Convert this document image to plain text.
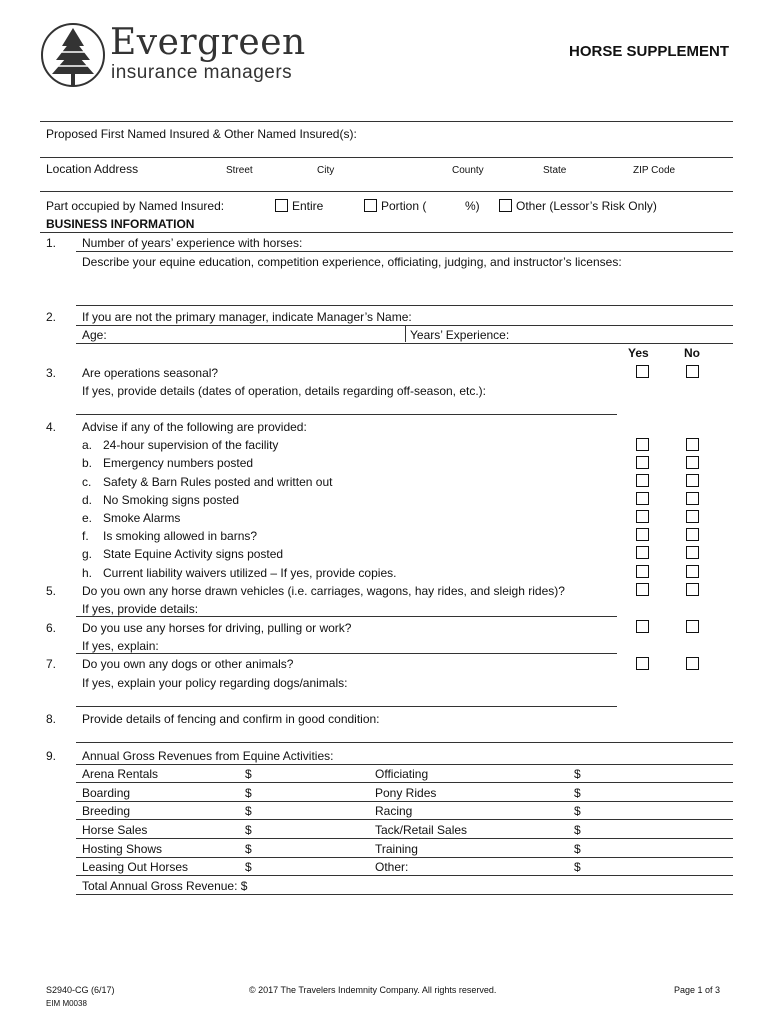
Evergreen
insurance managers
HORSE SUPPLEMENT
Proposed First Named Insured & Other Named Insured(s):
Location Address	Street	City	County	State	ZIP Code
Part occupied by Named Insured:	Entire	Portion (	%)	Other (Lessor’s Risk Only)
BUSINESS INFORMATION
1. Number of years’ experience with horses:
Describe your equine education, competition experience, officiating, judging, and instructor’s licenses:
2. If you are not the primary manager, indicate Manager’s Name:
Age:	Years’ Experience:
Yes	No
3. Are operations seasonal?
If yes, provide details (dates of operation, details regarding off-season, etc.):
4. Advise if any of the following are provided:
a. 24-hour supervision of the facility
b. Emergency numbers posted
c. Safety & Barn Rules posted and written out
d. No Smoking signs posted
e. Smoke Alarms
f. Is smoking allowed in barns?
g. State Equine Activity signs posted
h. Current liability waivers utilized – If yes, provide copies.
5. Do you own any horse drawn vehicles (i.e. carriages, wagons, hay rides, and sleigh rides)?
If yes, provide details:
6. Do you use any horses for driving, pulling or work?
If yes, explain:
7. Do you own any dogs or other animals?
If yes, explain your policy regarding dogs/animals:
8. Provide details of fencing and confirm in good condition:
9. Annual Gross Revenues from Equine Activities:
Arena Rentals	$	Officiating	$
Boarding	$	Pony Rides	$
Breeding	$	Racing	$
Horse Sales	$	Tack/Retail Sales	$
Hosting Shows	$	Training	$
Leasing Out Horses	$	Other:	$
Total Annual Gross Revenue: $
S2940-CG (6/17)
EIM M0038
© 2017 The Travelers Indemnity Company. All rights reserved.	Page 1 of 3
